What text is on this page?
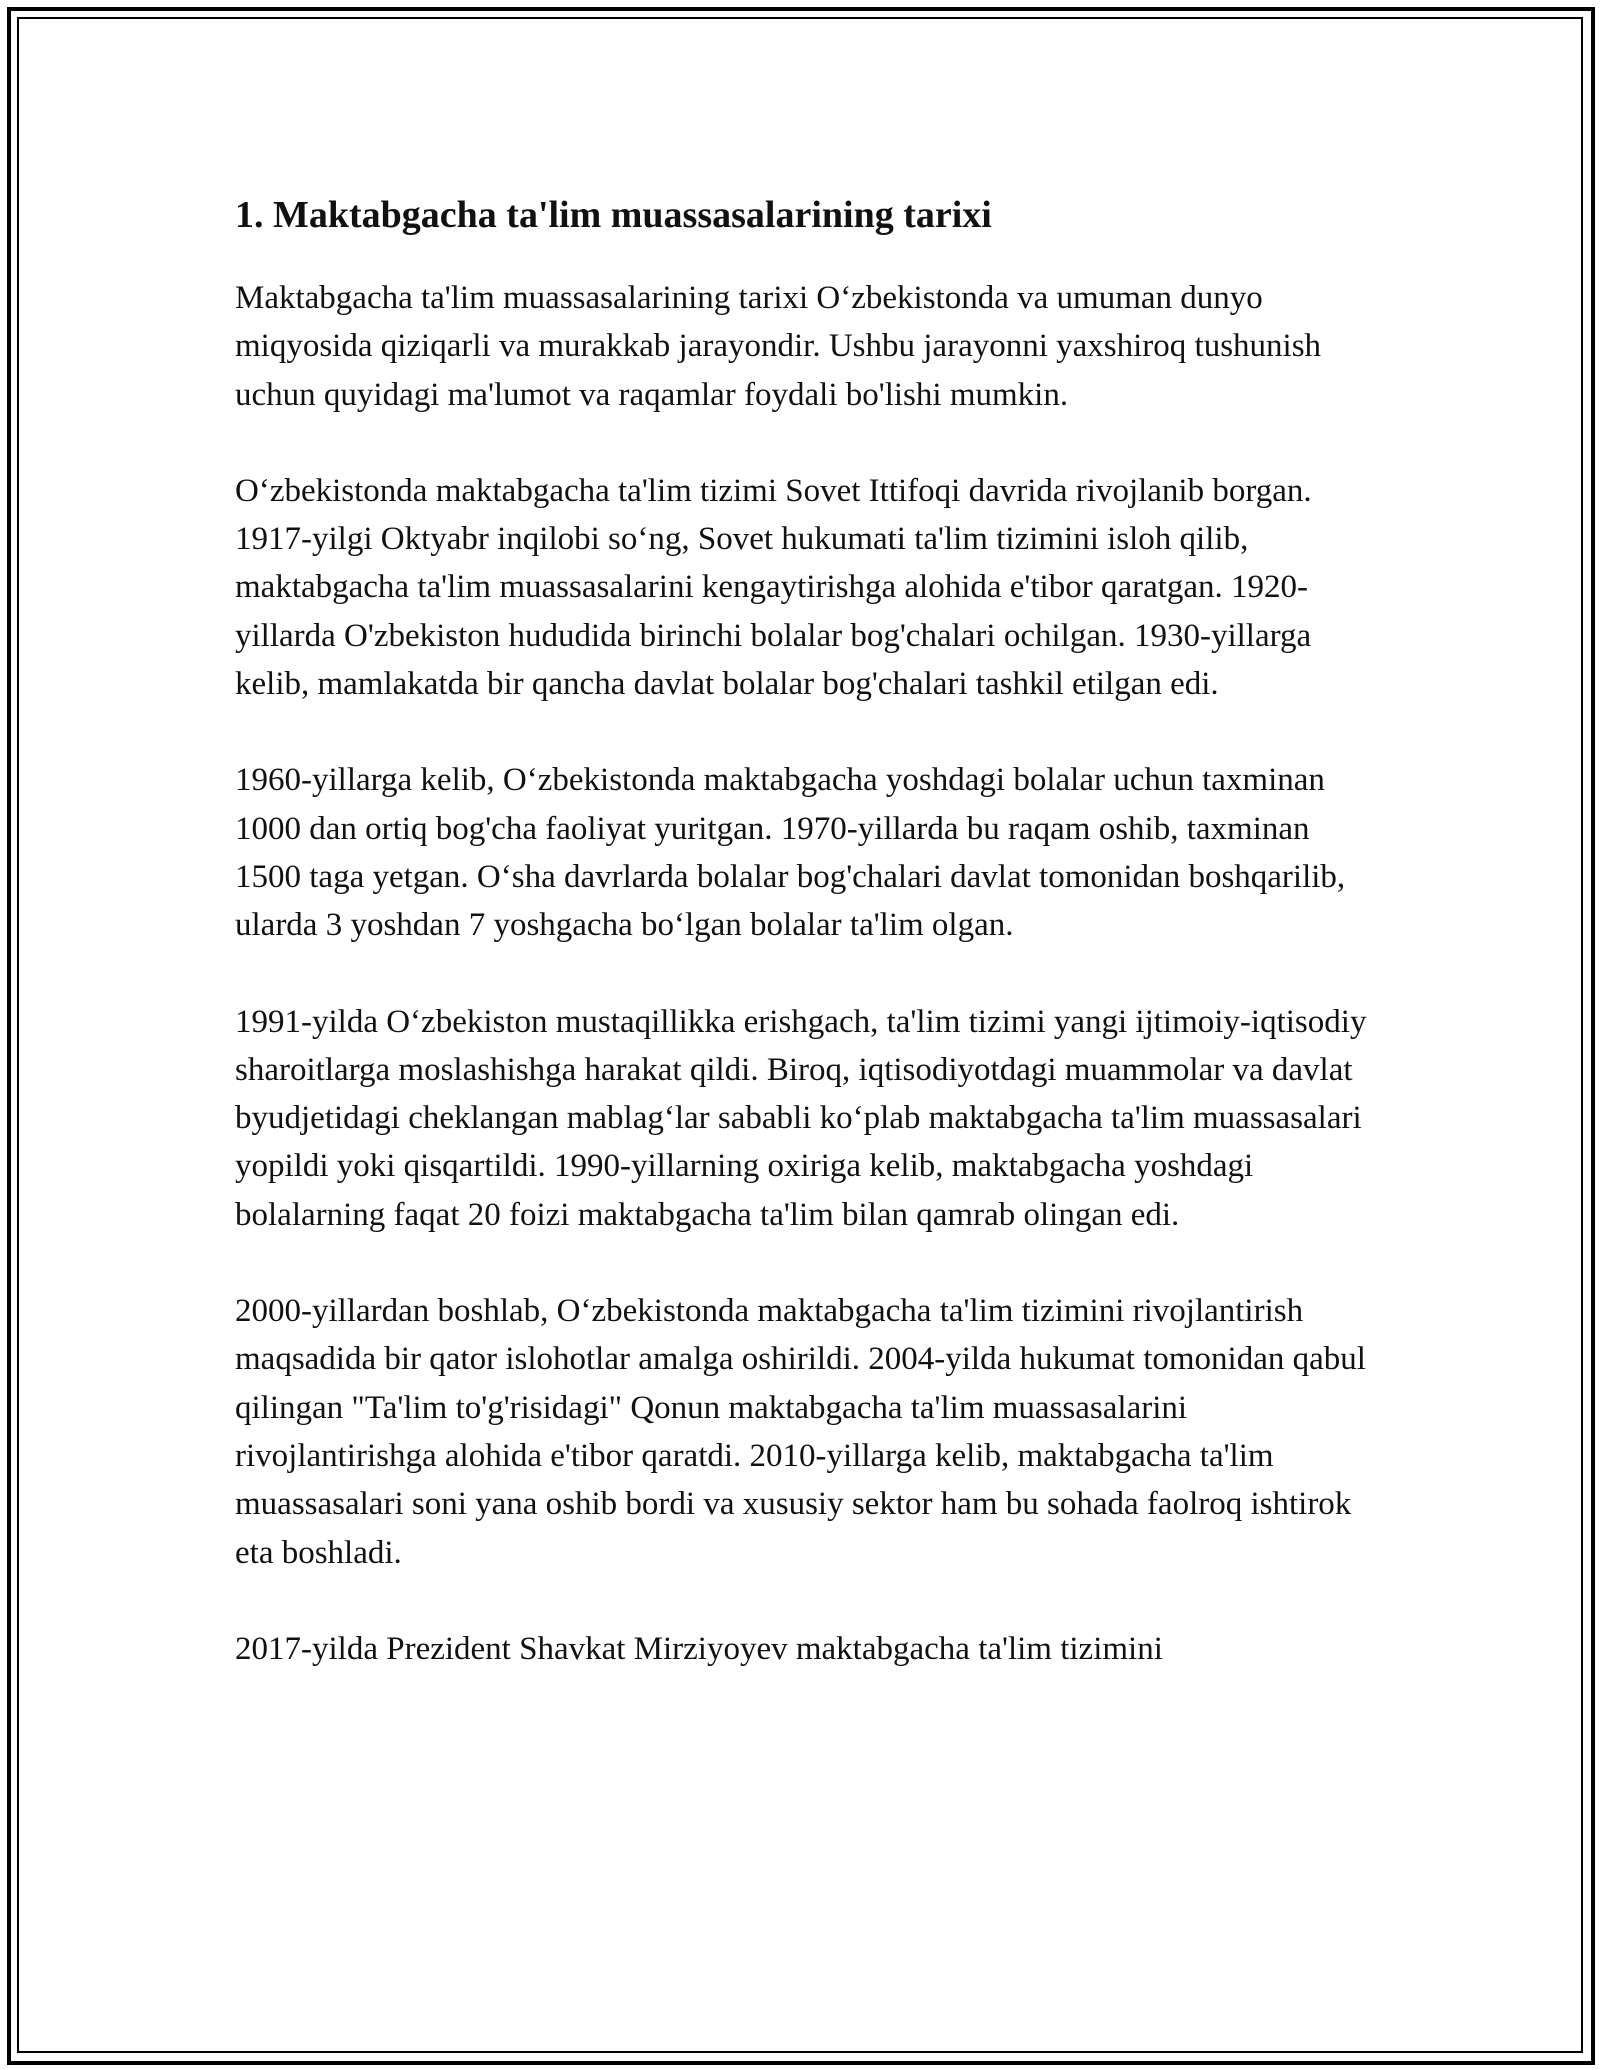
1. Maktabgacha ta'lim muassasalarining tarixi

Maktabgacha ta'lim muassasalarining tarixi O‘zbekistonda va umuman dunyo miqyosida qiziqarli va murakkab jarayondir. Ushbu jarayonni yaxshiroq tushunish uchun quyidagi ma'lumot va raqamlar foydali bo'lishi mumkin.

O‘zbekistonda maktabgacha ta'lim tizimi Sovet Ittifoqi davrida rivojlanib borgan. 1917-yilgi Oktyabr inqilobi so‘ng, Sovet hukumati ta'lim tizimini isloh qilib, maktabgacha ta'lim muassasalarini kengaytirishga alohida e'tibor qaratgan. 1920-yillarda O'zbekiston hududida birinchi bolalar bog'chalari ochilgan. 1930-yillarga kelib, mamlakatda bir qancha davlat bolalar bog'chalari tashkil etilgan edi.

1960-yillarga kelib, O‘zbekistonda maktabgacha yoshdagi bolalar uchun taxminan 1000 dan ortiq bog'cha faoliyat yuritgan. 1970-yillarda bu raqam oshib, taxminan 1500 taga yetgan. O‘sha davrlarda bolalar bog'chalari davlat tomonidan boshqarilib, ularda 3 yoshdan 7 yoshgacha bo‘lgan bolalar ta'lim olgan.

1991-yilda O‘zbekiston mustaqillikka erishgach, ta'lim tizimi yangi ijtimoiy-iqtisodiy sharoitlarga moslashishga harakat qildi. Biroq, iqtisodiyotdagi muammolar va davlat byudjetidagi cheklangan mablag‘lar sababli ko‘plab maktabgacha ta'lim muassasalari yopildi yoki qisqartildi. 1990-yillarning oxiriga kelib, maktabgacha yoshdagi bolalarning faqat 20 foizi maktabgacha ta'lim bilan qamrab olingan edi.

2000-yillardan boshlab, O‘zbekistonda maktabgacha ta'lim tizimini rivojlantirish maqsadida bir qator islohotlar amalga oshirildi. 2004-yilda hukumat tomonidan qabul qilingan "Ta'lim to'g'risidagi" Qonun maktabgacha ta'lim muassasalarini rivojlantirishga alohida e'tibor qaratdi. 2010-yillarga kelib, maktabgacha ta'lim muassasalari soni yana oshib bordi va xususiy sektor ham bu sohada faolroq ishtirok eta boshladi.

2017-yilda Prezident Shavkat Mirziyoyev maktabgacha ta'lim tizimini
